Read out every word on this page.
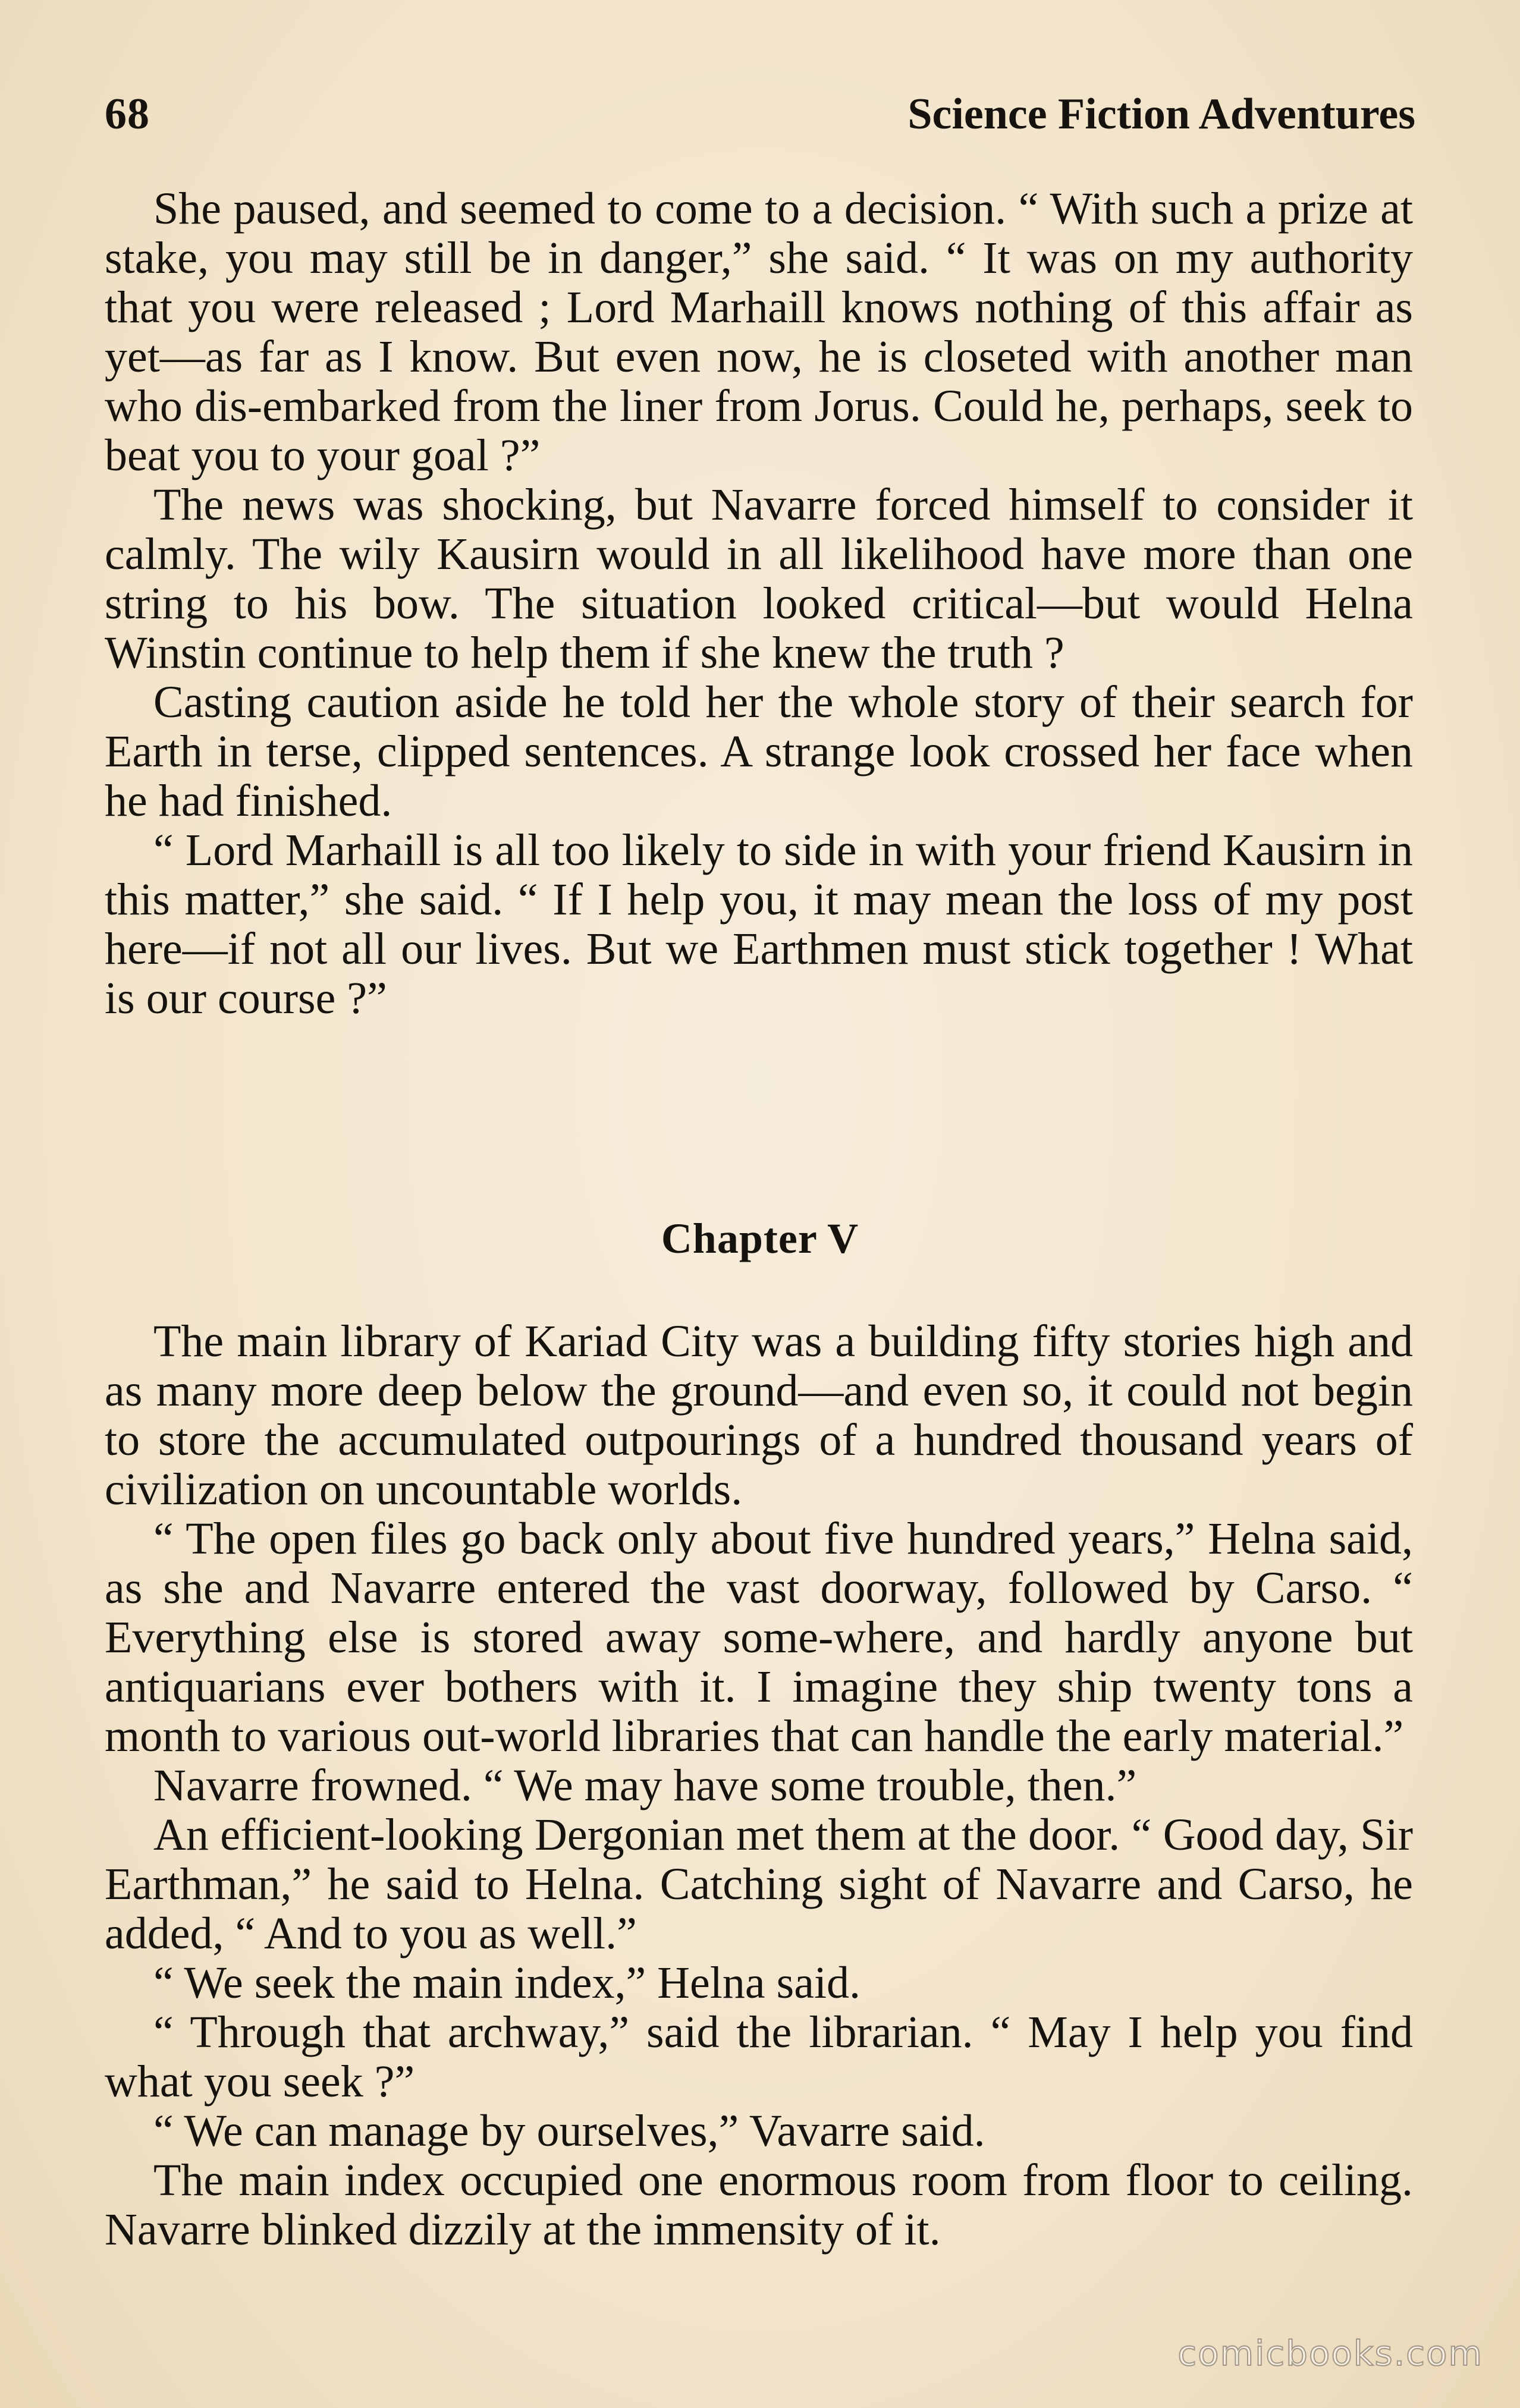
68	Science Fiction Adventures

She paused, and seemed to come to a decision. “ With such a prize at stake, you may still be in danger,” she said. “ It was on my authority that you were released ; Lord Marhaill knows nothing of this affair as yet—as far as I know. But even now, he is closeted with another man who dis-embarked from the liner from Jorus. Could he, perhaps, seek to beat you to your goal ?”

The news was shocking, but Navarre forced himself to consider it calmly. The wily Kausirn would in all likelihood have more than one string to his bow. The situation looked critical—but would Helna Winstin continue to help them if she knew the truth ?

Casting caution aside he told her the whole story of their search for Earth in terse, clipped sentences. A strange look crossed her face when he had finished.

“ Lord Marhaill is all too likely to side in with your friend Kausirn in this matter,” she said. “ If I help you, it may mean the loss of my post here—if not all our lives. But we Earthmen must stick together ! What is our course ?”

Chapter V

The main library of Kariad City was a building fifty stories high and as many more deep below the ground—and even so, it could not begin to store the accumulated outpourings of a hundred thousand years of civilization on uncountable worlds.

“ The open files go back only about five hundred years,” Helna said, as she and Navarre entered the vast doorway, followed by Carso. “ Everything else is stored away some-where, and hardly anyone but antiquarians ever bothers with it. I imagine they ship twenty tons a month to various out-world libraries that can handle the early material.”

Navarre frowned. “ We may have some trouble, then.”

An efficient-looking Dergonian met them at the door. “ Good day, Sir Earthman,” he said to Helna. Catching sight of Navarre and Carso, he added, “ And to you as well.”

“ We seek the main index,” Helna said.

“ Through that archway,” said the librarian. “ May I help you find what you seek ?”

“ We can manage by ourselves,” Vavarre said.

The main index occupied one enormous room from floor to ceiling. Navarre blinked dizzily at the immensity of it.

comicbooks.com
